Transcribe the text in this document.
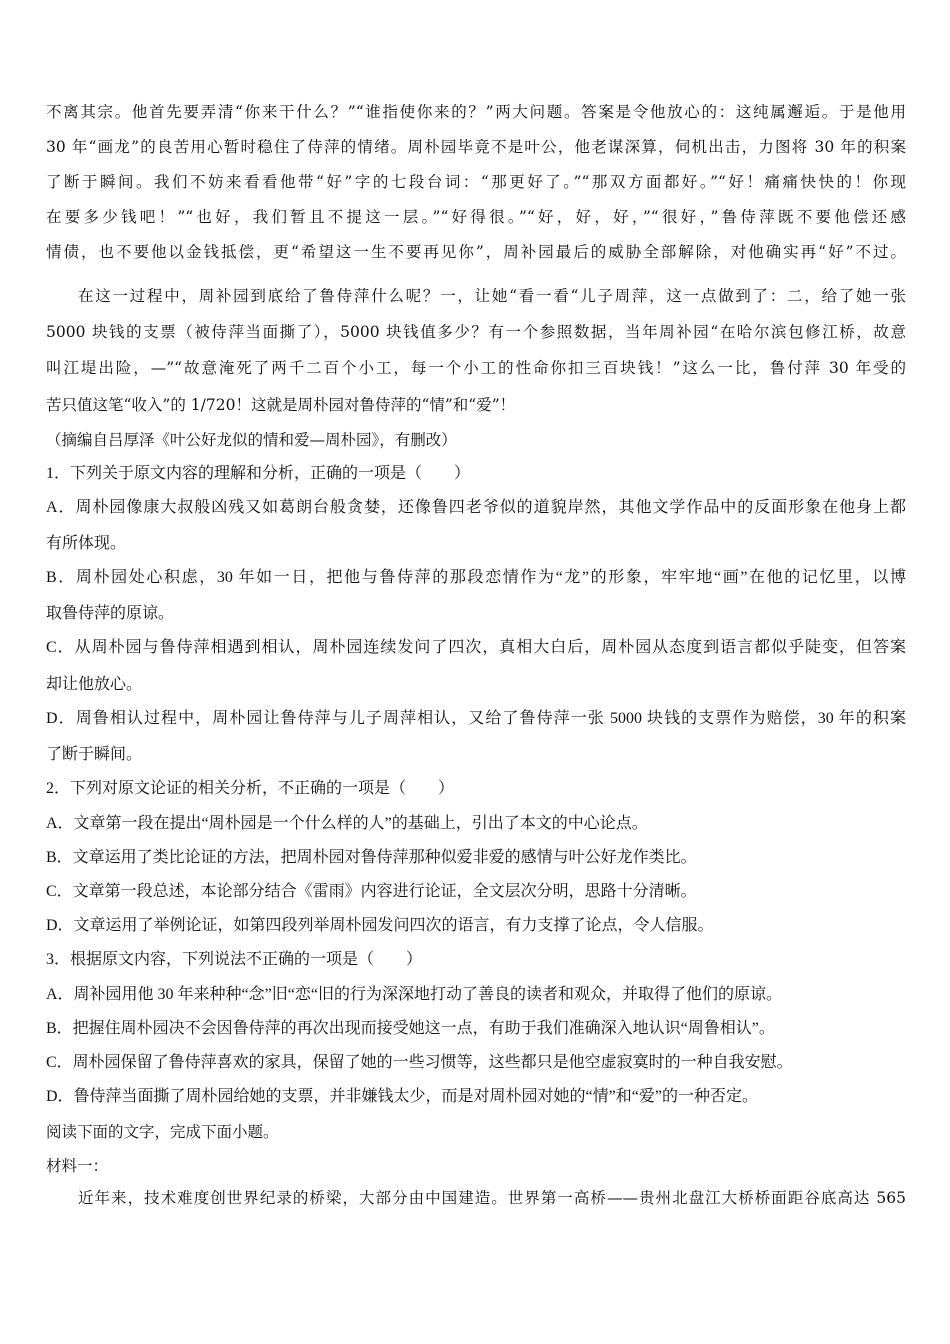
不离其宗。他首先要弄清“你来干什么？”“谁指使你来的？”两大问题。答案是令他放心的：这纯属邂逅。于是他用
30 年“画龙”的良苦用心暂时稳住了侍萍的情绪。周朴园毕竟不是叶公，他老谋深算，伺机出击，力图将 30 年的积案
了断于瞬间。我们不妨来看看他带“好”字的七段台词：“那更好了。”“那双方面都好。”“好！痛痛快快的！你现
在要多少钱吧！”“也好，我们暂且不提这一层。”“好得很。”“好，好，好，”“很好，”鲁侍萍既不要他偿还感
情债，也不要他以金钱抵偿，更“希望这一生不要再见你”，周补园最后的威胁全部解除，对他确实再“好”不过。
在这一过程中，周补园到底给了鲁侍萍什么呢？一，让她“看一看“儿子周萍，这一点做到了：二，给了她一张
5000 块钱的支票（被侍萍当面撕了），5000 块钱值多少？有一个参照数据，当年周补园“在哈尔滨包修江桥，故意
叫江堤出险，—”“故意淹死了两千二百个小工，每一个小工的性命你扣三百块钱！”这么一比，鲁付萍 30 年受的
苦只值这笔“收入”的 1/720！这就是周朴园对鲁侍萍的“情”和“爱”！
（摘编自吕厚泽《叶公好龙似的情和爱—周朴园》，有删改）
1．下列关于原文内容的理解和分析，正确的一项是（　　）
A．周朴园像康大叔般凶残又如葛朗台般贪婪，还像鲁四老爷似的道貌岸然，其他文学作品中的反面形象在他身上都
有所体现。
B．周朴园处心积虑，30 年如一日，把他与鲁侍萍的那段恋情作为“龙”的形象，牢牢地“画”在他的记忆里，以博
取鲁侍萍的原谅。
C．从周朴园与鲁侍萍相遇到相认，周朴园连续发问了四次，真相大白后，周朴园从态度到语言都似乎陡变，但答案
却让他放心。
D．周鲁相认过程中，周朴园让鲁侍萍与儿子周萍相认，又给了鲁侍萍一张 5000 块钱的支票作为赔偿，30 年的积案
了断于瞬间。
2．下列对原文论证的相关分析，不正确的一项是（　　）
A．文章第一段在提出“周朴园是一个什么样的人”的基础上，引出了本文的中心论点。
B．文章运用了类比论证的方法，把周朴园对鲁侍萍那种似爱非爱的感情与叶公好龙作类比。
C．文章第一段总述，本论部分结合《雷雨》内容进行论证，全文层次分明，思路十分清晰。
D．文章运用了举例论证，如第四段列举周朴园发问四次的语言，有力支撑了论点，令人信服。
3．根据原文内容，下列说法不正确的一项是（　　）
A．周补园用他 30 年来种种“念”旧“恋“旧的行为深深地打动了善良的读者和观众，并取得了他们的原谅。
B．把握住周朴园决不会因鲁侍萍的再次出现而接受她这一点，有助于我们准确深入地认识“周鲁相认”。
C．周朴园保留了鲁侍萍喜欢的家具，保留了她的一些习惯等，这些都只是他空虚寂寞时的一种自我安慰。
D．鲁侍萍当面撕了周朴园给她的支票，并非嫌钱太少，而是对周朴园对她的“情”和“爱”的一种否定。
阅读下面的文字，完成下面小题。
材料一：
近年来，技术难度创世界纪录的桥梁，大部分由中国建造。世界第一高桥——贵州北盘江大桥桥面距谷底高达 565
